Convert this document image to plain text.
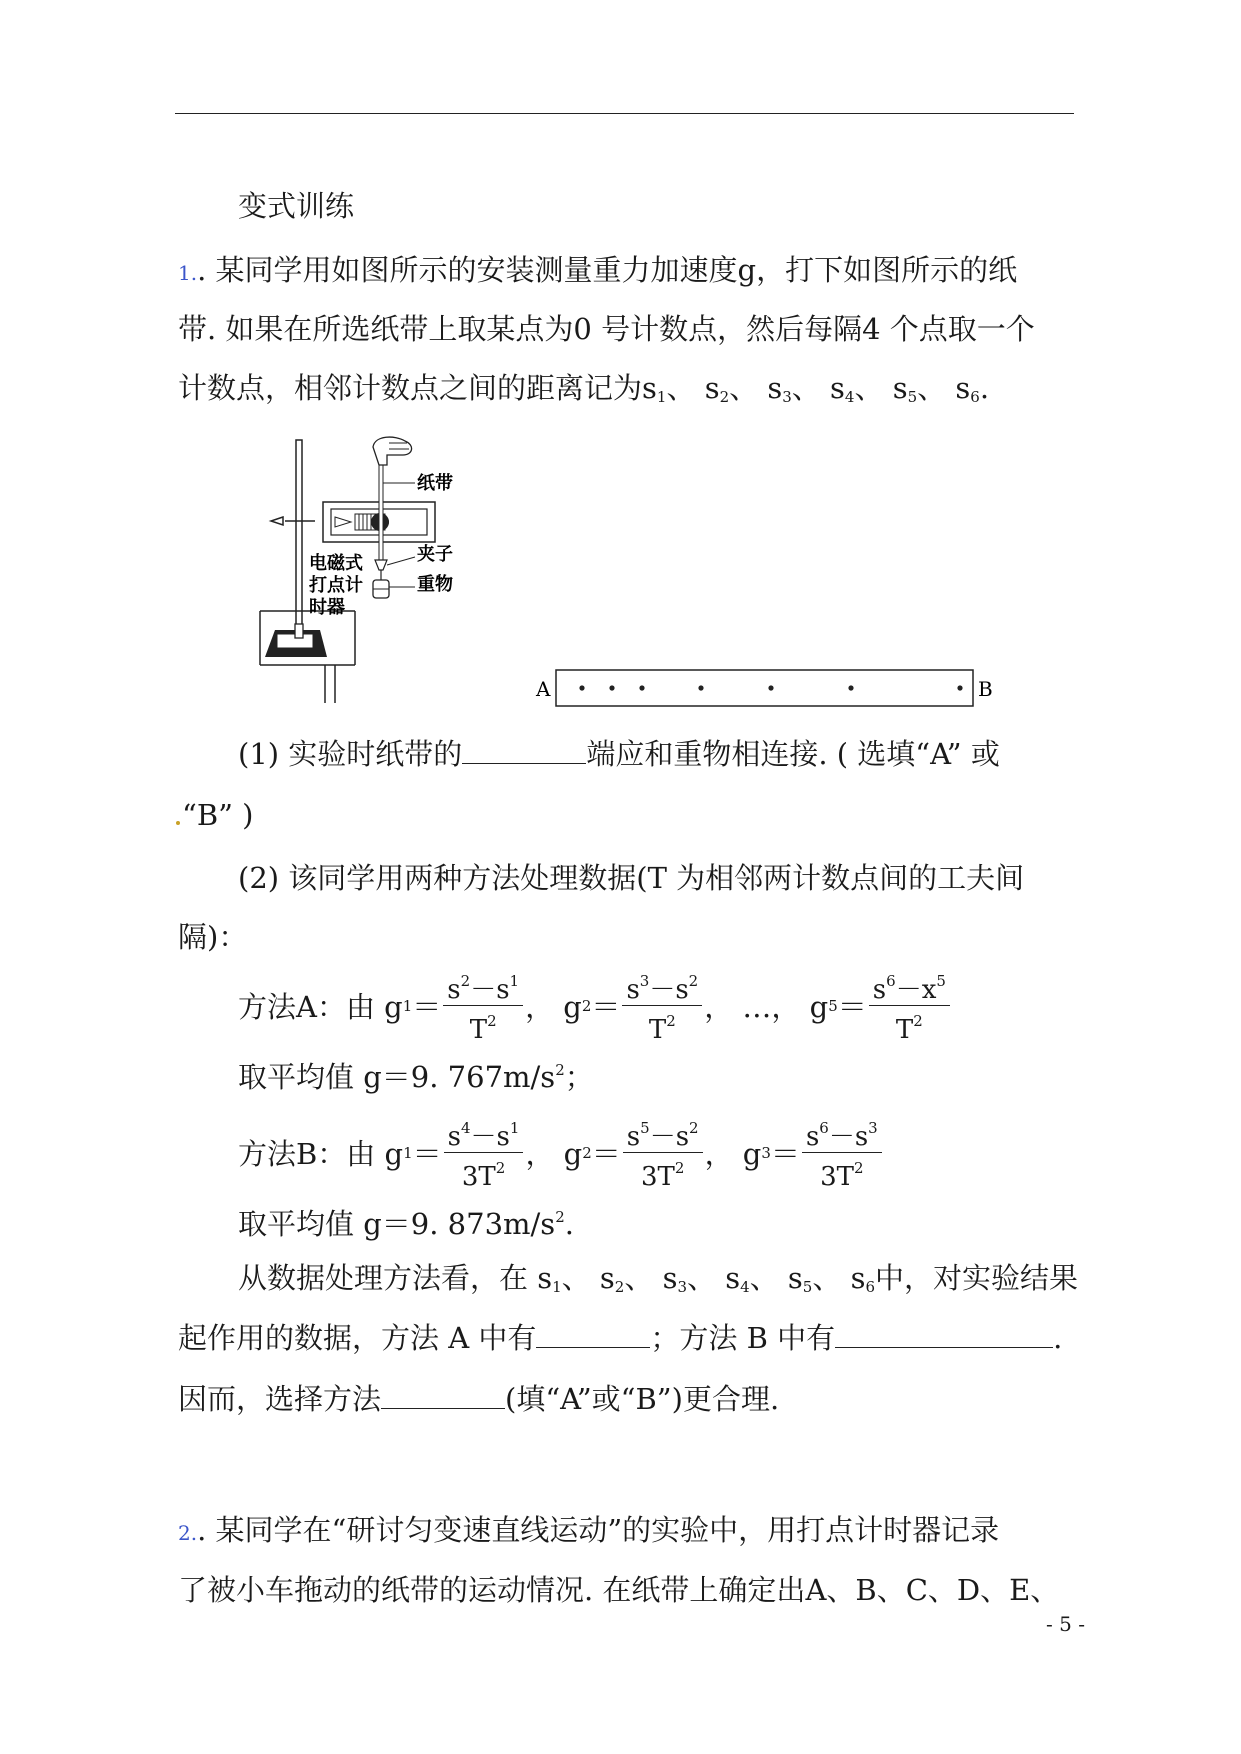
变式训练
1.. 某同学用如图所示的安装测量重力加速度g，打下如图所示的纸
带. 如果在所选纸带上取某点为0 号计数点，然后每隔4 个点取一个
计数点，相邻计数点之间的距离记为$s_1$、 $s_2$、 $s_3$、 $s_4$、 $s_5$、 $s_6$.
纸带
夹子
重物
电磁式
打点计
时器
A	B
(1) 实验时纸带的	端应和重物相连接. ( 选填“A” 或
“B” )
(2) 该同学用两种方法处理数据(T 为相邻两计数点间的工夫间
隔)：
方法A：由 g $1 = \frac{s^2-s^1}{T^2}$ ， g $2 = \frac{s^3-s^2}{T^2}$ ， …， g $5 = \frac{s^6-x^5}{T^2}$
取平均值 g＝9. $767m/s^2$；
方法B：由 g $1 = \frac{s^4-s^1}{3T^2}$ ， g $2 = \frac{s^5-s^2}{3T^2}$ ， g $3 = \frac{s^6-s^3}{3T^2}$
取平均值 g＝9. $873m/s^2$.
从数据处理方法看，在 $s_1$、 $s_2$、 $s_3$、 $s_4$、 $s_5$、 $s_6$中，对实验结果
起作用的数据，方法 A 中有	；方法 B 中有	.
因而，选择方法	(填“A”或“B”)更合理.
2.. 某同学在“研讨匀变速直线运动”的实验中，用打点计时器记录
了被小车拖动的纸带的运动情况. 在纸带上确定出A、B、C、D、E、
- 5 -
